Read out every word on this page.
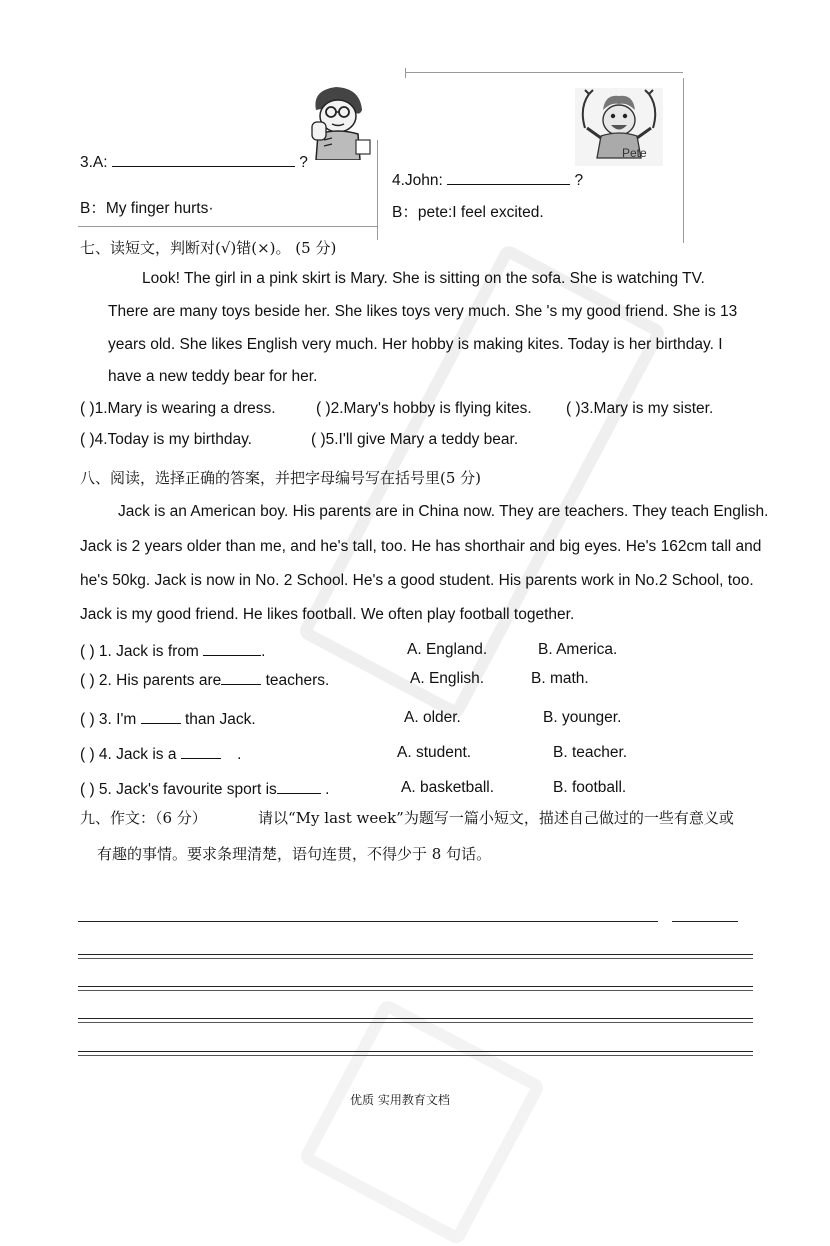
Pete
3.A:	?
B：My finger hurts·
4.John:	?
B：pete:I feel excited.
七、读短文，判断对(√)错(×)。 (5 分)
Look! The girl in a pink skirt is Mary. She is sitting on the sofa. She is watching TV.
There are many toys beside her. She likes toys very much. She 's my good friend. She is 13
years old. She likes English very much. Her hobby is making kites. Today is her birthday. I
have a new teddy bear for her.
( )1.Mary is wearing a dress.	( )2.Mary's hobby is flying kites. ( )3.Mary is my sister.
( )4.Today is my birthday.	( )5.I'll give Mary a teddy bear.
八、阅读，选择正确的答案，并把字母编号写在括号里(5 分)
Jack is an American boy. His parents are in China now. They are teachers. They teach English.
Jack is 2 years older than me, and he's tall, too. He has shorthair and big eyes. He's 162cm tall and
he's 50kg. Jack is now in No. 2 School. He's a good student. His parents work in No.2 School, too.
Jack is my good friend. He likes football. We often play football together.
( ) 1. Jack is from	.	A. England.	B. America.
( ) 2. His parents are	teachers.	A. English.	B. math.
( ) 3. I'm	than Jack.	A. older.	B. younger.
( ) 4. Jack is a	.	A. student.	B. teacher.
( ) 5. Jack's favourite sport is	.	A. basketball.	B. football.
九、作文：（6 分）	请以“My last week”为题写一篇小短文，描述自己做过的一些有意义或
有趣的事情。要求条理清楚，语句连贯，不得少于 8 句话。
优质 实用教育文档
